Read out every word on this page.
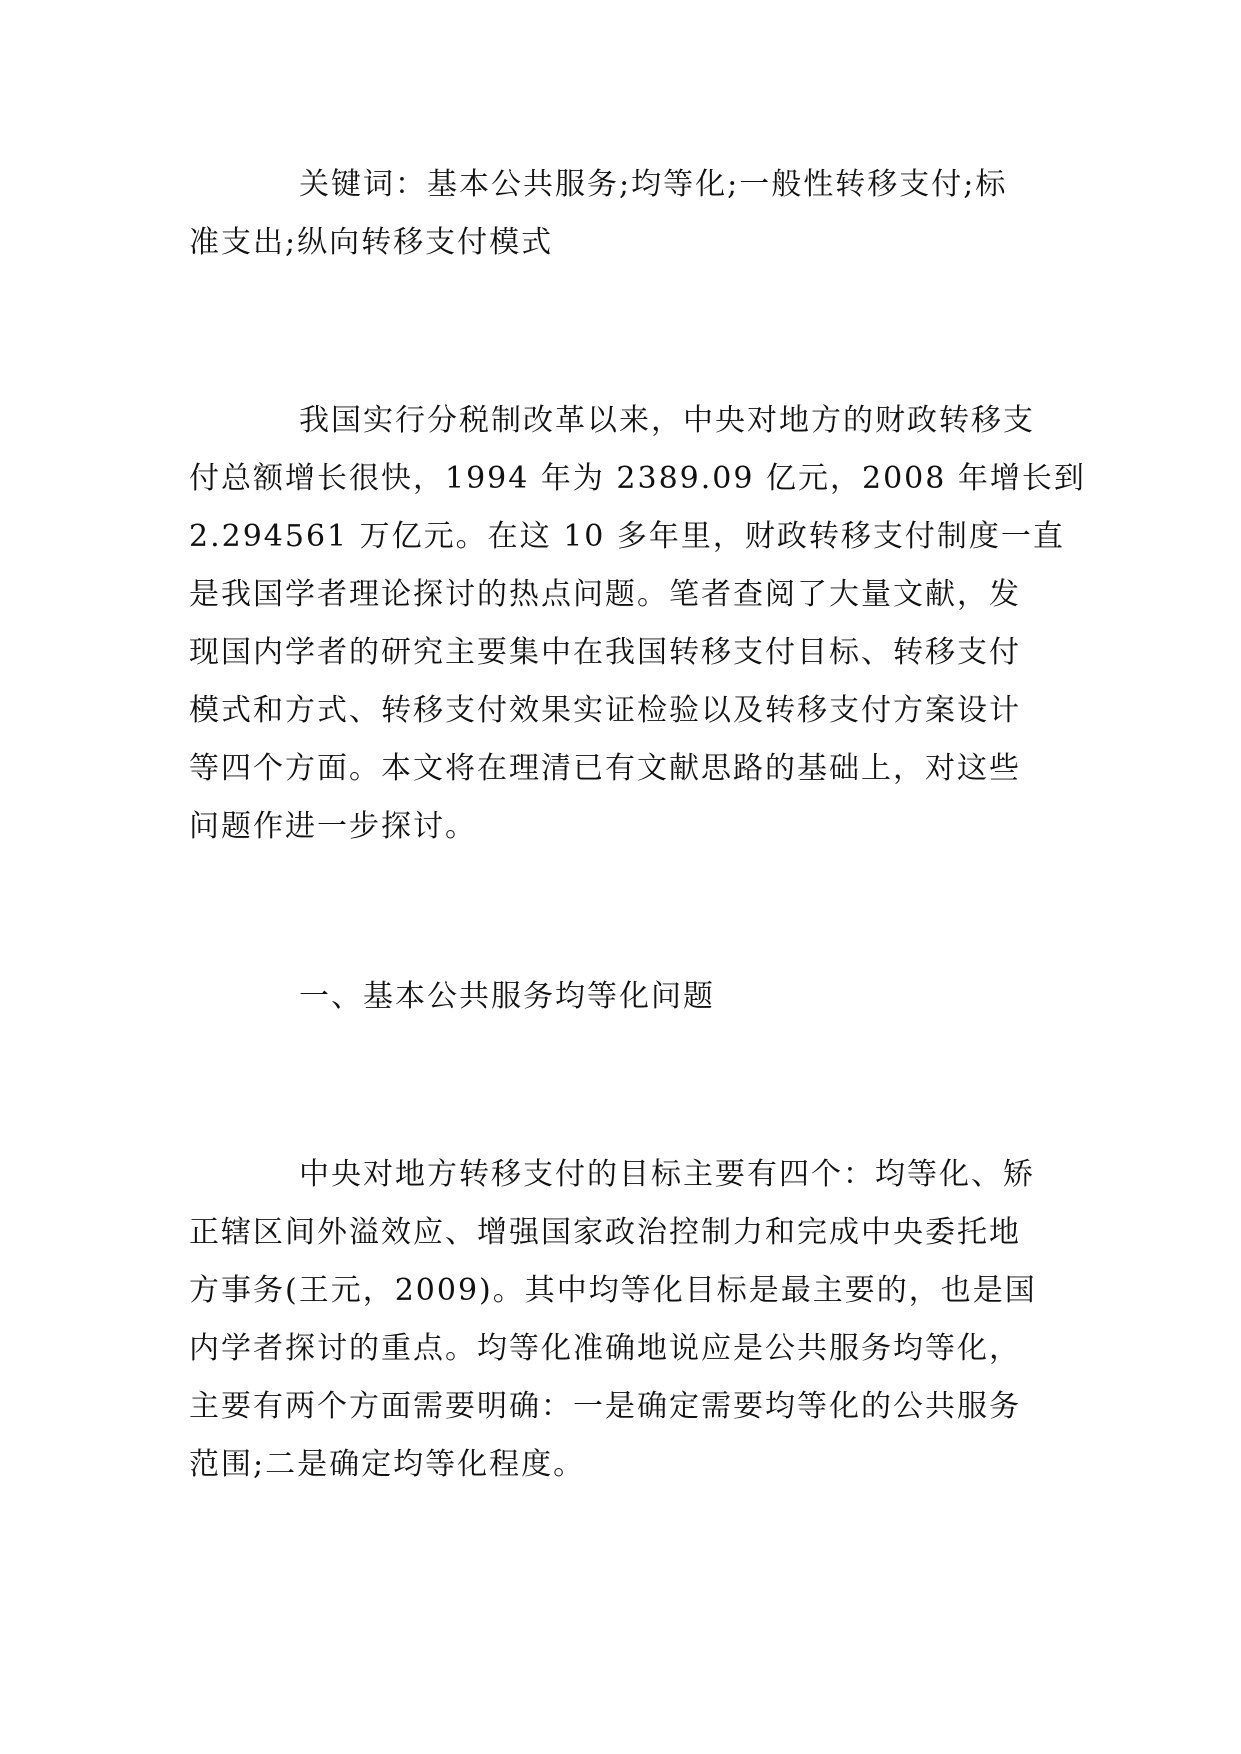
关键词：基本公共服务;均等化;一般性转移支付;标
准支出;纵向转移支付模式
我国实行分税制改革以来，中央对地方的财政转移支
付总额增长很快，1994 年为 2389.09 亿元，2008 年增长到
2.294561 万亿元。在这 10 多年里，财政转移支付制度一直
是我国学者理论探讨的热点问题。笔者查阅了大量文献，发
现国内学者的研究主要集中在我国转移支付目标、转移支付
模式和方式、转移支付效果实证检验以及转移支付方案设计
等四个方面。本文将在理清已有文献思路的基础上，对这些
问题作进一步探讨。
一、基本公共服务均等化问题
中央对地方转移支付的目标主要有四个：均等化、矫
正辖区间外溢效应、增强国家政治控制力和完成中央委托地
方事务(王元，2009)。其中均等化目标是最主要的，也是国
内学者探讨的重点。均等化准确地说应是公共服务均等化，
主要有两个方面需要明确：一是确定需要均等化的公共服务
范围;二是确定均等化程度。
